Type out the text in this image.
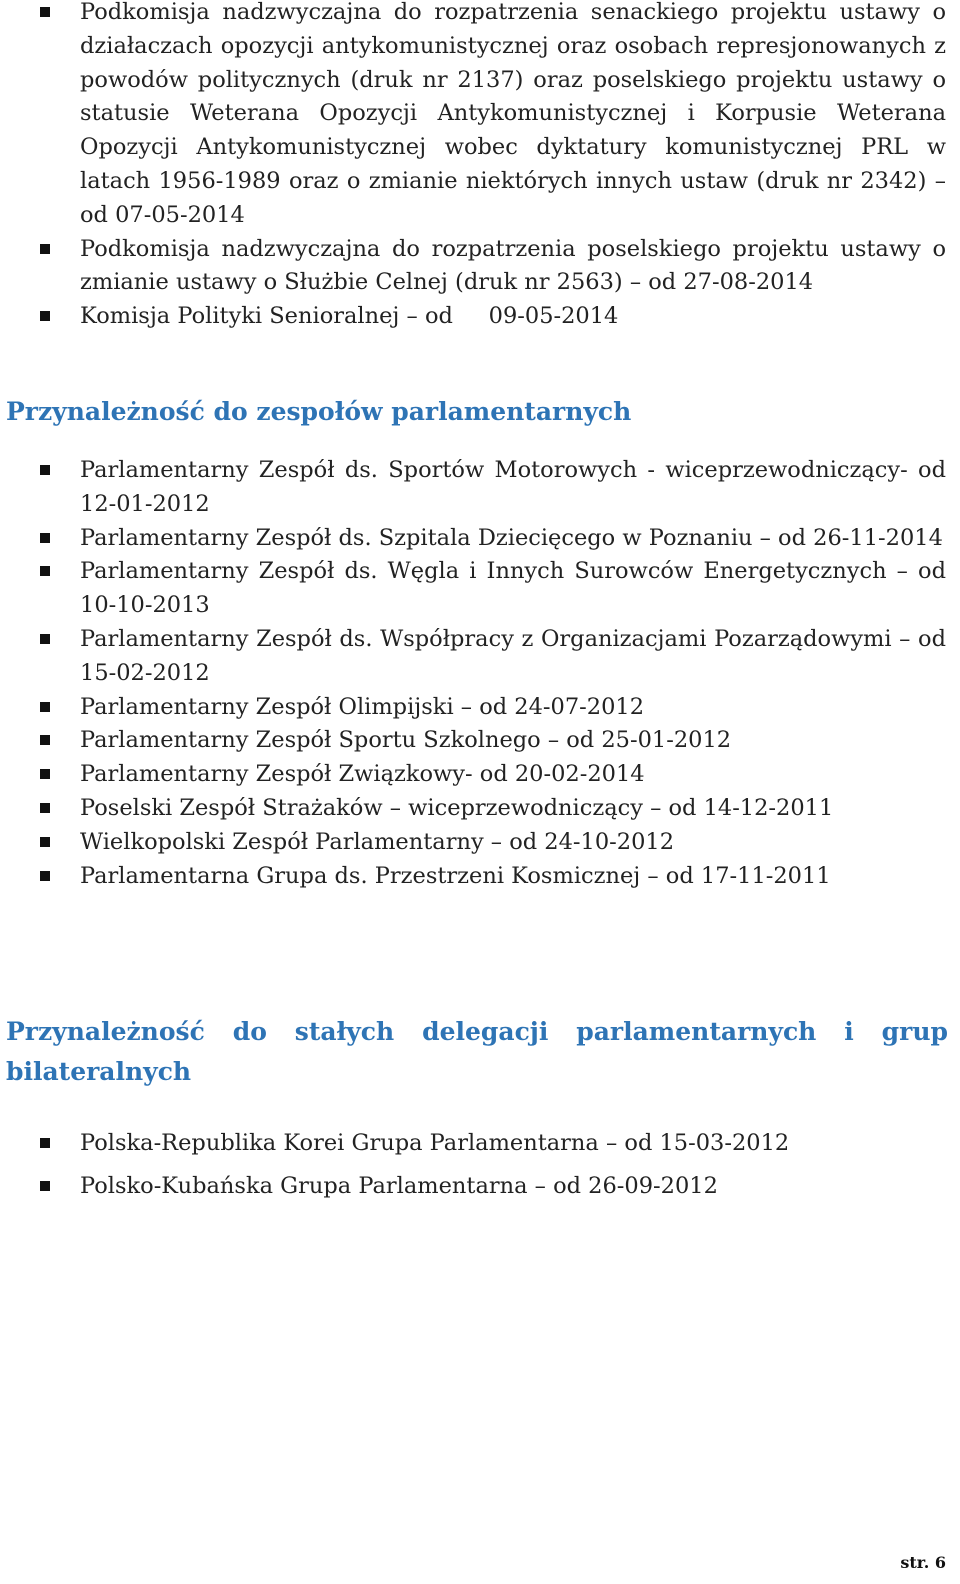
Podkomisja nadzwyczajna do rozpatrzenia senackiego projektu ustawy o działaczach opozycji antykomunistycznej oraz osobach represjonowanych z powodów politycznych (druk nr 2137) oraz poselskiego projektu ustawy o statusie Weterana Opozycji Antykomunistycznej i Korpusie Weterana Opozycji Antykomunistycznej wobec dyktatury komunistycznej PRL w latach 1956-1989 oraz o zmianie niektórych innych ustaw (druk nr 2342) – od 07-05-2014
Podkomisja nadzwyczajna do rozpatrzenia poselskiego projektu ustawy o zmianie ustawy o Służbie Celnej (druk nr 2563) – od 27-08-2014
Komisja Polityki Senioralnej – od     09-05-2014
Przynależność do zespołów parlamentarnych
Parlamentarny Zespół ds. Sportów Motorowych - wiceprzewodniczący- od 12-01-2012
Parlamentarny Zespół ds. Szpitala Dziecięcego w Poznaniu – od 26-11-2014
Parlamentarny Zespół ds. Węgla i Innych Surowców Energetycznych – od 10-10-2013
Parlamentarny Zespół ds. Współpracy z Organizacjami Pozarządowymi – od 15-02-2012
Parlamentarny Zespół Olimpijski – od 24-07-2012
Parlamentarny Zespół Sportu Szkolnego – od 25-01-2012
Parlamentarny Zespół Związkowy- od 20-02-2014
Poselski Zespół Strażaków – wiceprzewodniczący – od 14-12-2011
Wielkopolski Zespół Parlamentarny – od 24-10-2012
Parlamentarna Grupa ds. Przestrzeni Kosmicznej – od 17-11-2011
Przynależność do stałych delegacji parlamentarnych i grup bilateralnych
Polska-Republika Korei Grupa Parlamentarna – od 15-03-2012
Polsko-Kubańska Grupa Parlamentarna – od 26-09-2012
str. 6
